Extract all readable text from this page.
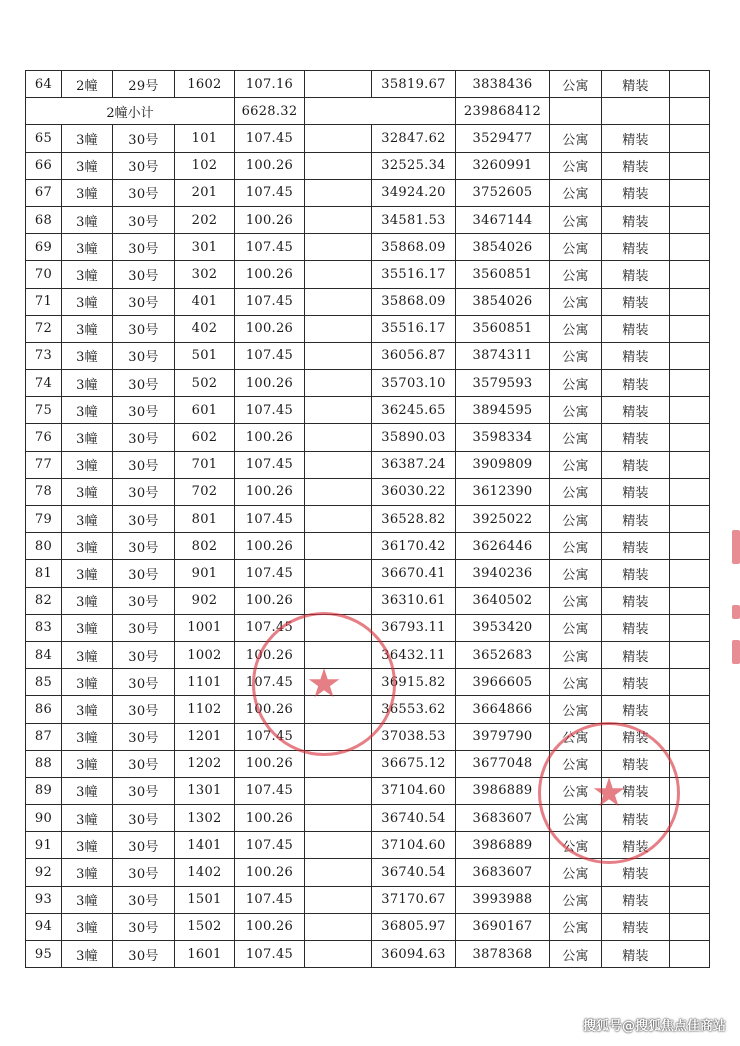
64	2幢	29号	1602	107.16		35819.67	3838436	公寓	精装	
2幢小计				6628.32			239868412			
65	3幢	30号	101	107.45		32847.62	3529477	公寓	精装	
66	3幢	30号	102	100.26		32525.34	3260991	公寓	精装	
67	3幢	30号	201	107.45		34924.20	3752605	公寓	精装	
68	3幢	30号	202	100.26		34581.53	3467144	公寓	精装	
69	3幢	30号	301	107.45		35868.09	3854026	公寓	精装	
70	3幢	30号	302	100.26		35516.17	3560851	公寓	精装	
71	3幢	30号	401	107.45		35868.09	3854026	公寓	精装	
72	3幢	30号	402	100.26		35516.17	3560851	公寓	精装	
73	3幢	30号	501	107.45		36056.87	3874311	公寓	精装	
74	3幢	30号	502	100.26		35703.10	3579593	公寓	精装	
75	3幢	30号	601	107.45		36245.65	3894595	公寓	精装	
76	3幢	30号	602	100.26		35890.03	3598334	公寓	精装	
77	3幢	30号	701	107.45		36387.24	3909809	公寓	精装	
78	3幢	30号	702	100.26		36030.22	3612390	公寓	精装	
79	3幢	30号	801	107.45		36528.82	3925022	公寓	精装	
80	3幢	30号	802	100.26		36170.42	3626446	公寓	精装	
81	3幢	30号	901	107.45		36670.41	3940236	公寓	精装	
82	3幢	30号	902	100.26		36310.61	3640502	公寓	精装	
83	3幢	30号	1001	107.45		36793.11	3953420	公寓	精装	
84	3幢	30号	1002	100.26		36432.11	3652683	公寓	精装	
85	3幢	30号	1101	107.45		36915.82	3966605	公寓	精装	
86	3幢	30号	1102	100.26		36553.62	3664866	公寓	精装	
87	3幢	30号	1201	107.45		37038.53	3979790	公寓	精装	
88	3幢	30号	1202	100.26		36675.12	3677048	公寓	精装	
89	3幢	30号	1301	107.45		37104.60	3986889	公寓	精装	
90	3幢	30号	1302	100.26		36740.54	3683607	公寓	精装	
91	3幢	30号	1401	107.45		37104.60	3986889	公寓	精装	
92	3幢	30号	1402	100.26		36740.54	3683607	公寓	精装	
93	3幢	30号	1501	107.45		37170.67	3993988	公寓	精装	
94	3幢	30号	1502	100.26		36805.97	3690167	公寓	精装	
95	3幢	30号	1601	107.45		36094.63	3878368	公寓	精装	
★
★
搜狐号@搜狐焦点佳商站
